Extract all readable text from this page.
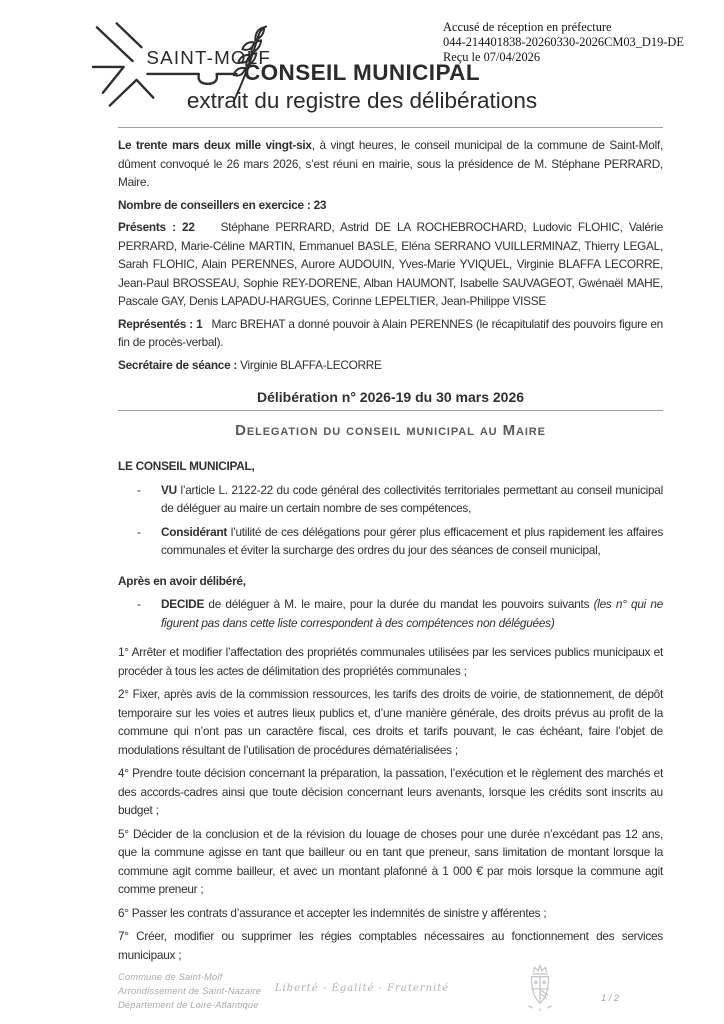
SAINT-MOLF
Accusé de réception en préfecture
044-214401838-20260330-2026CM03_D19-DE
Reçu le 07/04/2026
CONSEIL MUNICIPAL
extrait du registre des délibérations

Le trente mars deux mille vingt-six, à vingt heures, le conseil municipal de la commune de Saint-Molf, dûment convoqué le 26 mars 2026, s’est réuni en mairie, sous la présidence de M. Stéphane PERRARD, Maire.

Nombre de conseillers en exercice : 23

Présents : 22 Stéphane PERRARD, Astrid DE LA ROCHEBROCHARD, Ludovic FLOHIC, Valérie PERRARD, Marie-Céline MARTIN, Emmanuel BASLE, Eléna SERRANO VUILLERMINAZ, Thierry LEGAL, Sarah FLOHIC, Alain PERENNES, Aurore AUDOUIN, Yves-Marie YVIQUEL, Virginie BLAFFA LECORRE, Jean-Paul BROSSEAU, Sophie REY-DORENE, Alban HAUMONT, Isabelle SAUVAGEOT, Gwénaël MAHE, Pascale GAY, Denis LAPADU-HARGUES, Corinne LEPELTIER, Jean-Philippe VISSE

Représentés : 1 Marc BREHAT a donné pouvoir à Alain PERENNES (le récapitulatif des pouvoirs figure en fin de procès-verbal).

Secrétaire de séance : Virginie BLAFFA-LECORRE

Délibération n° 2026-19 du 30 mars 2026

Delegation du conseil municipal au Maire

LE CONSEIL MUNICIPAL,

- VU l’article L. 2122-22 du code général des collectivités territoriales permettant au conseil municipal de déléguer au maire un certain nombre de ses compétences,

- Considérant l’utilité de ces délégations pour gérer plus efficacement et plus rapidement les affaires communales et éviter la surcharge des ordres du jour des séances de conseil municipal,

Après en avoir délibéré,

- DECIDE de déléguer à M. le maire, pour la durée du mandat les pouvoirs suivants (les n° qui ne figurent pas dans cette liste correspondent à des compétences non déléguées)

1° Arrêter et modifier l’affectation des propriétés communales utilisées par les services publics municipaux et procéder à tous les actes de délimitation des propriétés communales ;

2° Fixer, après avis de la commission ressources, les tarifs des droits de voirie, de stationnement, de dépôt temporaire sur les voies et autres lieux publics et, d’une manière générale, des droits prévus au profit de la commune qui n’ont pas un caractère fiscal, ces droits et tarifs pouvant, le cas échéant, faire l’objet de modulations résultant de l’utilisation de procédures dématérialisées ;

4° Prendre toute décision concernant la préparation, la passation, l’exécution et le règlement des marchés et des accords-cadres ainsi que toute décision concernant leurs avenants, lorsque les crédits sont inscrits au budget ;

5° Décider de la conclusion et de la révision du louage de choses pour une durée n’excédant pas 12 ans, que la commune agisse en tant que bailleur ou en tant que preneur, sans limitation de montant lorsque la commune agit comme bailleur, et avec un montant plafonné à 1 000 € par mois lorsque la commune agit comme preneur ;

6° Passer les contrats d’assurance et accepter les indemnités de sinistre y afférentes ;

7° Créer, modifier ou supprimer les régies comptables nécessaires au fonctionnement des services municipaux ;

Commune de Saint-Molf
Arrondissement de Saint-Nazaire
Département de Loire-Atlantique
Liberté - Égalité - Fraternité
1 / 2
